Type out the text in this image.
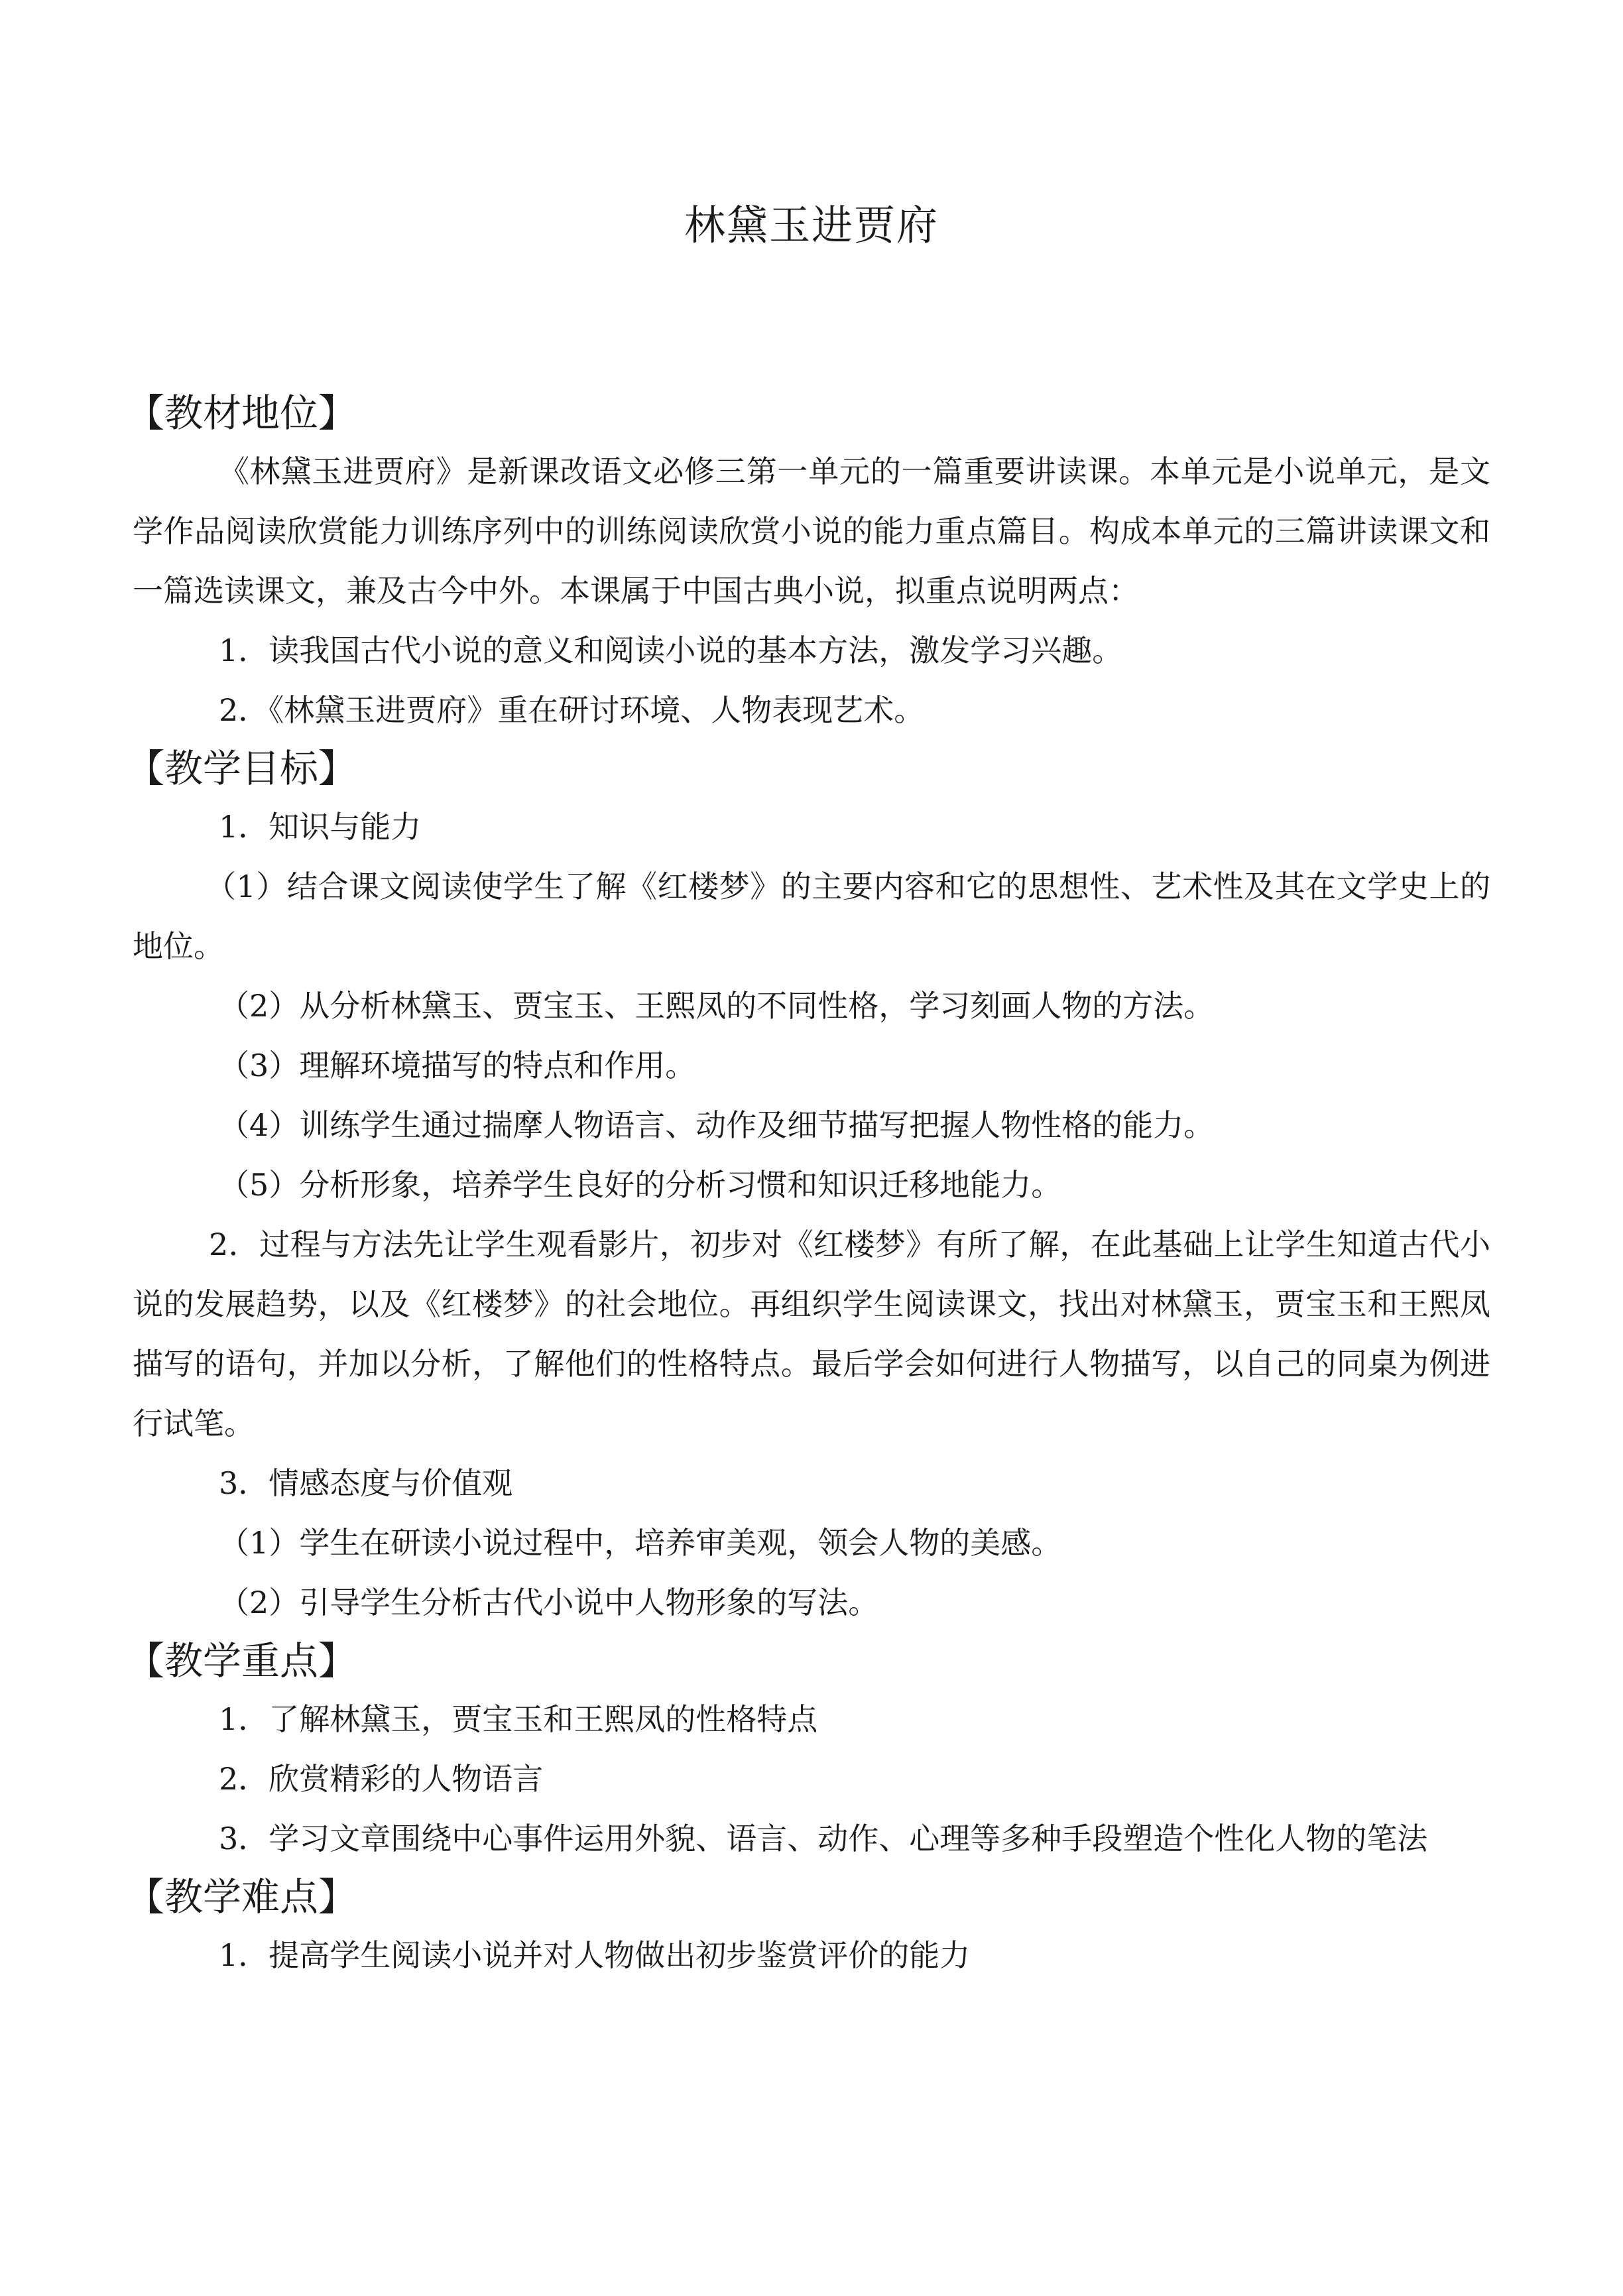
林黛玉进贾府
【教材地位】

《林黛玉进贾府》是新课改语文必修三第一单元的一篇重要讲读课。本单元是小说单元，是文学作品阅读欣赏能力训练序列中的训练阅读欣赏小说的能力重点篇目。构成本单元的三篇讲读课文和一篇选读课文，兼及古今中外。本课属于中国古典小说，拟重点说明两点：

1．读我国古代小说的意义和阅读小说的基本方法，激发学习兴趣。

2．《林黛玉进贾府》重在研讨环境、人物表现艺术。

【教学目标】

1．知识与能力

（1）结合课文阅读使学生了解《红楼梦》的主要内容和它的思想性、艺术性及其在文学史上的地位。

（2）从分析林黛玉、贾宝玉、王熙凤的不同性格，学习刻画人物的方法。

（3）理解环境描写的特点和作用。

（4）训练学生通过揣摩人物语言、动作及细节描写把握人物性格的能力。

（5）分析形象，培养学生良好的分析习惯和知识迁移地能力。

2．过程与方法先让学生观看影片，初步对《红楼梦》有所了解，在此基础上让学生知道古代小说的发展趋势，以及《红楼梦》的社会地位。再组织学生阅读课文，找出对林黛玉，贾宝玉和王熙凤描写的语句，并加以分析，了解他们的性格特点。最后学会如何进行人物描写，以自己的同桌为例进行试笔。

3．情感态度与价值观

（1）学生在研读小说过程中，培养审美观，领会人物的美感。

（2）引导学生分析古代小说中人物形象的写法。

【教学重点】

1．了解林黛玉，贾宝玉和王熙凤的性格特点

2．欣赏精彩的人物语言

3．学习文章围绕中心事件运用外貌、语言、动作、心理等多种手段塑造个性化人物的笔法

【教学难点】

1．提高学生阅读小说并对人物做出初步鉴赏评价的能力
